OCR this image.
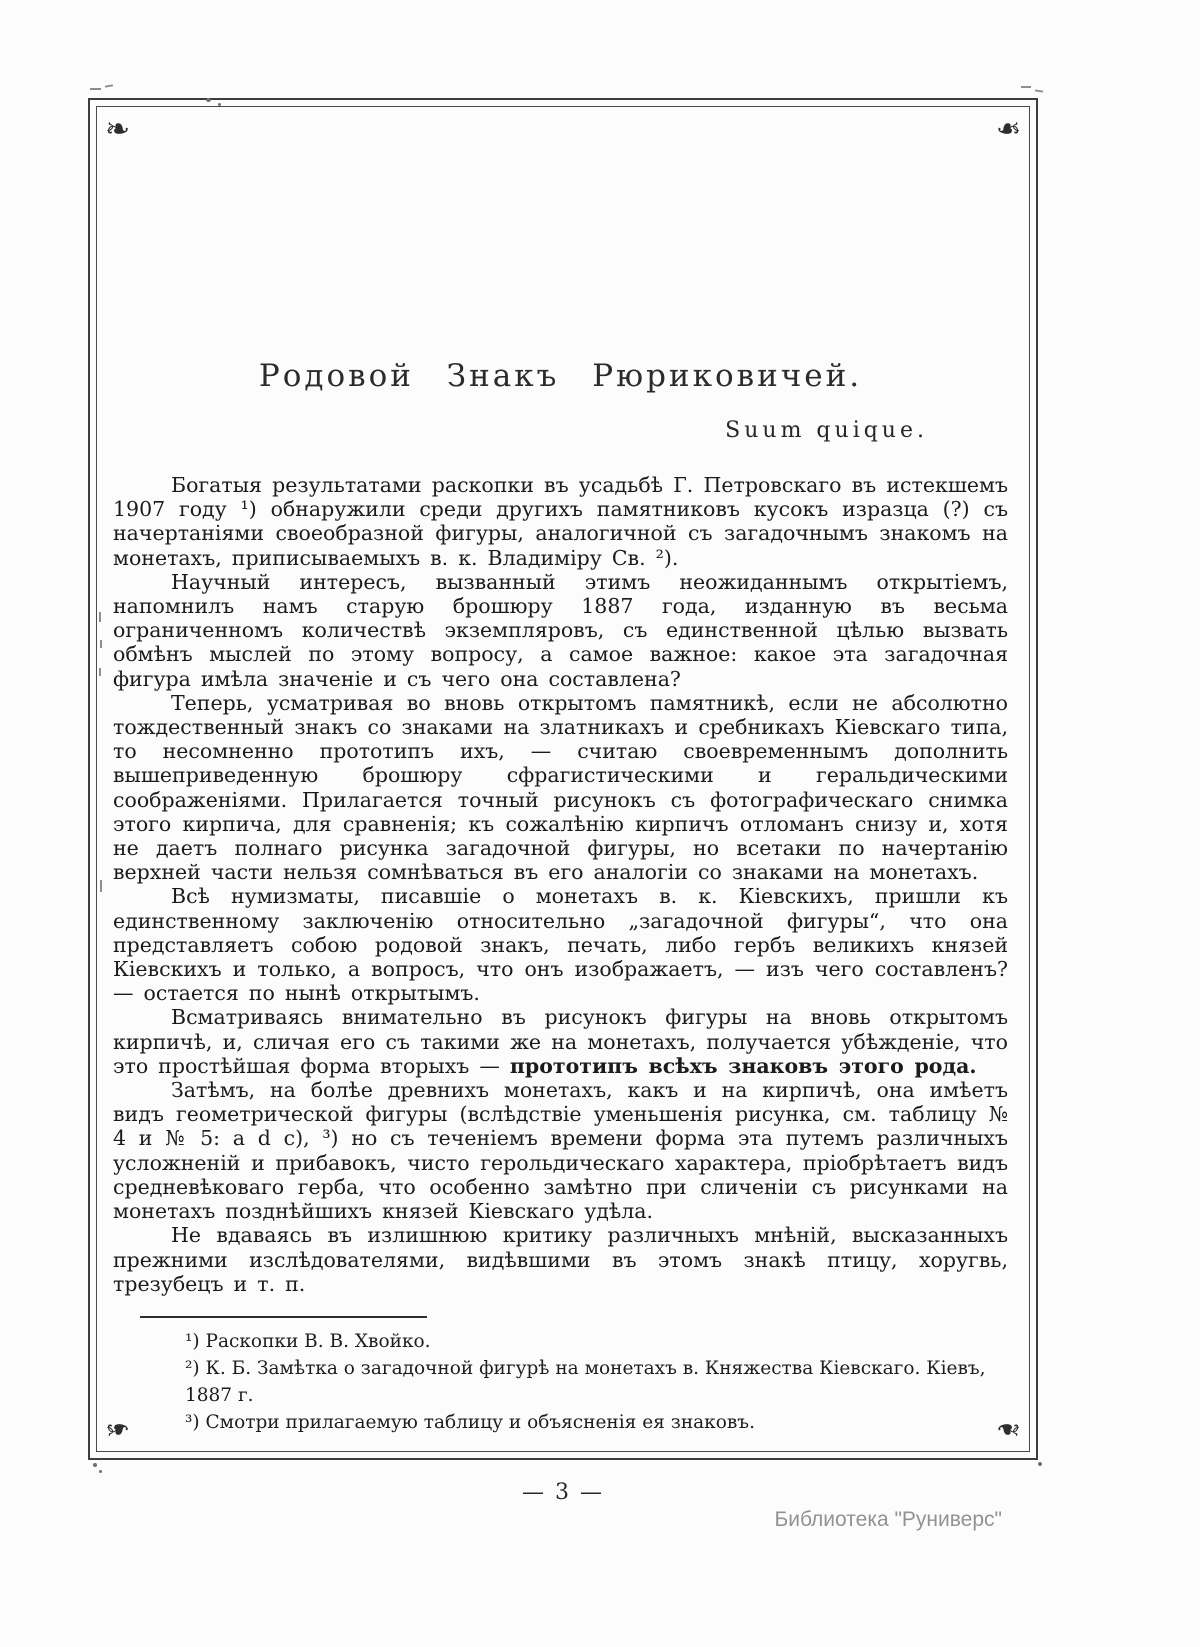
❧	❧
❧	❧
Родовой Знакъ Рюриковичей.
Suum quique.

Богатыя результатами раскопки въ усадьбѣ Г. Петровскаго въ истекшемъ 1907 году ¹) обнаружили среди другихъ памятниковъ кусокъ изразца (?) съ начертаніями своеобразной фигуры, аналогичной съ загадочнымъ знакомъ на монетахъ, приписываемыхъ в. к. Владиміру Св. ²).

Научный интересъ, вызванный этимъ неожиданнымъ открытіемъ, напомнилъ намъ старую брошюру 1887 года, изданную въ весьма ограниченномъ количествѣ экземпляровъ, съ единственной цѣлью вызвать обмѣнъ мыслей по этому вопросу, а самое важное: какое эта загадочная фигура имѣла значеніе и съ чего она составлена?

Теперь, усматривая во вновь открытомъ памятникѣ, если не абсолютно тождественный знакъ со знаками на златникахъ и сребникахъ Кіевскаго типа, то несомненно прототипъ ихъ, — считаю своевременнымъ дополнить вышеприведенную брошюру сфрагистическими и геральдическими соображеніями. Прилагается точный рисунокъ съ фотографическаго снимка этого кирпича, для сравненія; къ сожалѣнію кирпичъ отломанъ снизу и, хотя не даетъ полнаго рисунка загадочной фигуры, но всетаки по начертанію верхней части нельзя сомнѣваться въ его аналогіи со знаками на монетахъ.

Всѣ нумизматы, писавшіе о монетахъ в. к. Кіевскихъ, пришли къ единственному заключенію относительно „загадочной фигуры“, что она представляетъ собою родовой знакъ, печать, либо гербъ великихъ князей Кіевскихъ и только, а вопросъ, что онъ изображаетъ, — изъ чего составленъ? — остается по нынѣ открытымъ.

Всматриваясь внимательно въ рисунокъ фигуры на вновь открытомъ кирпичѣ, и, сличая его съ такими же на монетахъ, получается убѣжденіе, что это простѣйшая форма вторыхъ — прототипъ всѣхъ знаковъ этого рода.

Затѣмъ, на болѣе древнихъ монетахъ, какъ и на кирпичѣ, она имѣетъ видъ геометрической фигуры (вслѣдствіе уменьшенія рисунка, см. таблицу № 4 и № 5: a d c), ³) но съ теченіемъ времени форма эта путемъ различныхъ усложненій и прибавокъ, чисто герольдическаго характера, пріобрѣтаетъ видъ средневѣковаго герба, что особенно замѣтно при сличеніи съ рисунками на монетахъ позднѣйшихъ князей Кіевскаго удѣла.

Не вдаваясь въ излишнюю критику различныхъ мнѣній, высказанныхъ прежними изслѣдователями, видѣвшими въ этомъ знакѣ птицу, хоругвь, трезубецъ и т. п.

¹) Раскопки В. В. Хвойко.
²) К. Б. Замѣтка о загадочной фигурѣ на монетахъ в. Княжества Кіевскаго. Кіевъ, 1887 г.
³) Смотри прилагаемую таблицу и объясненія ея знаковъ.
— 3 —
Библиотека "Руниверс"
